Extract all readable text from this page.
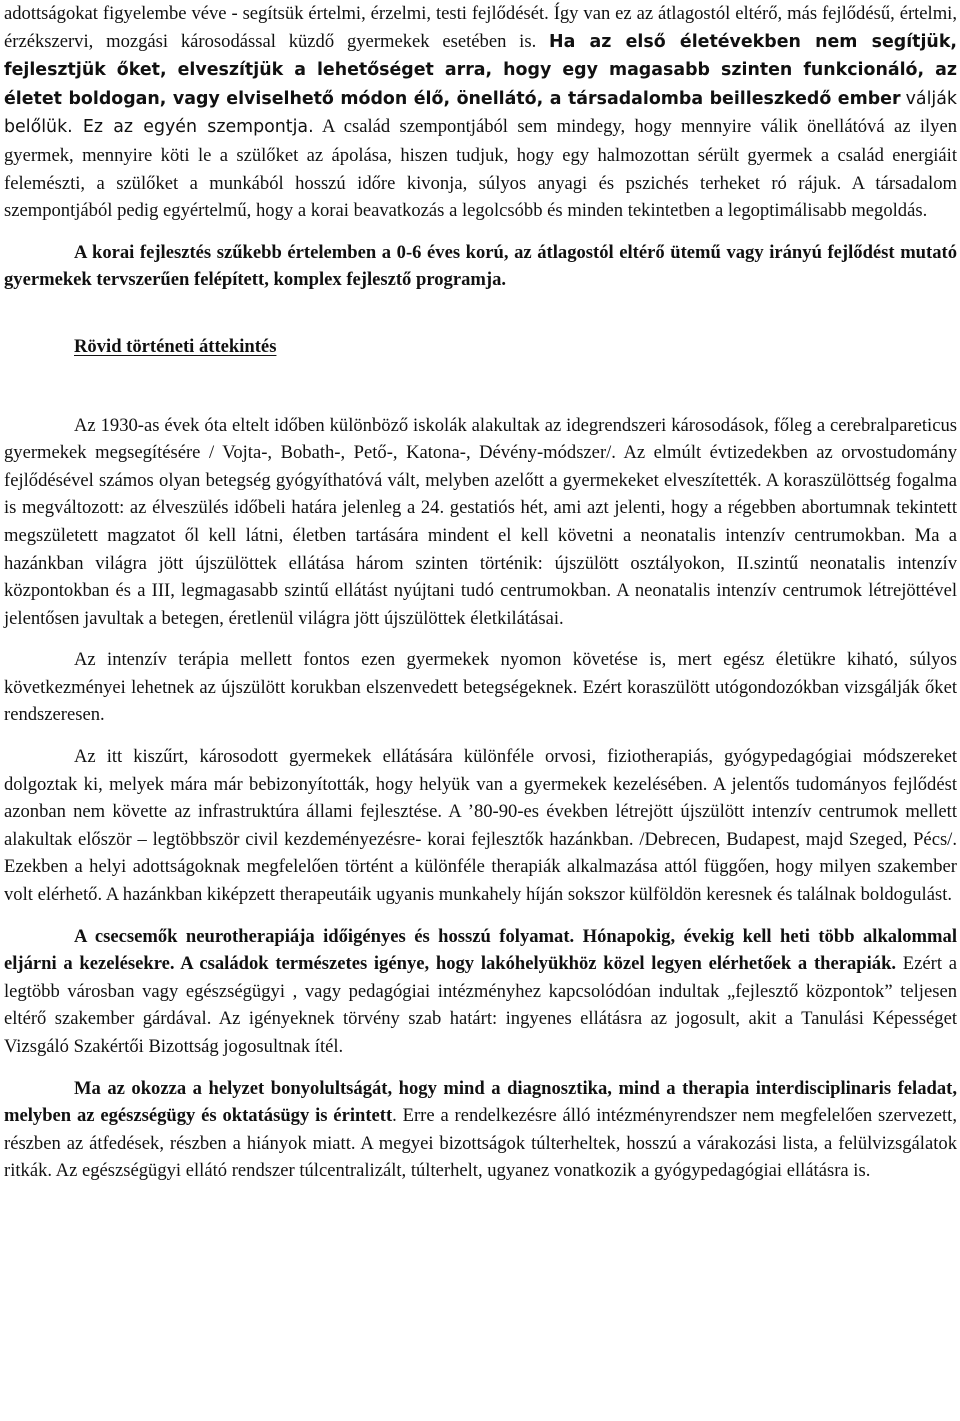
adottságokat figyelembe véve - segítsük értelmi, érzelmi, testi fejlődését. Így van ez az átlagostól eltérő, más fejlődésű, értelmi, érzékszervi, mozgási károsodással küzdő gyermekek esetében is. Ha az első életévekben nem segítjük, fejlesztjük őket, elveszítjük a lehetőséget arra, hogy egy magasabb szinten funkcionáló, az életet boldogan, vagy elviselhető módon élő, önellátó, a társadalomba beilleszkedő ember válják belőlük. Ez az egyén szempontja. A család szempontjából sem mindegy, hogy mennyire válik önellátóvá az ilyen gyermek, mennyire köti le a szülőket az ápolása, hiszen tudjuk, hogy egy halmozottan sérült gyermek a család energiáit felemészti, a szülőket a munkából hosszú időre kivonja, súlyos anyagi és pszichés terheket ró rájuk. A társadalom szempontjából pedig egyértelmű, hogy a korai beavatkozás a legolcsóbb és minden tekintetben a legoptimálisabb megoldás.

A korai fejlesztés szűkebb értelemben a 0-6 éves korú, az átlagostól eltérő ütemű vagy irányú fejlődést mutató gyermekek tervszerűen felépített, komplex fejlesztő programja.

Rövid történeti áttekintés

Az 1930-as évek óta eltelt időben különböző iskolák alakultak az idegrendszeri károsodások, főleg a cerebralpareticus gyermekek megsegítésére / Vojta-, Bobath-, Pető-, Katona-, Dévény-módszer/. Az elmúlt évtizedekben az orvostudomány fejlődésével számos olyan betegség gyógyíthatóvá vált, melyben azelőtt a gyermekeket elveszítették. A koraszülöttség fogalma is megváltozott: az élveszülés időbeli határa jelenleg a 24. gestatiós hét, ami azt jelenti, hogy a régebben abortumnak tekintett megszületett magzatot ől kell látni, életben tartására mindent el kell követni a neonatalis intenzív centrumokban. Ma a hazánkban világra jött újszülöttek ellátása három szinten történik: újszülött osztályokon, II.szintű neonatalis intenzív központokban és a III, legmagasabb szintű ellátást nyújtani tudó centrumokban. A neonatalis intenzív centrumok létrejöttével jelentősen javultak a betegen, éretlenül világra jött újszülöttek életkilátásai.

Az intenzív terápia mellett fontos ezen gyermekek nyomon követése is, mert egész életükre kiható, súlyos következményei lehetnek az újszülött korukban elszenvedett betegségeknek. Ezért koraszülött utógondozókban vizsgálják őket rendszeresen.

Az itt kiszűrt, károsodott gyermekek ellátására különféle orvosi, fiziotherapiás, gyógypedagógiai módszereket dolgoztak ki, melyek mára már bebizonyították, hogy helyük van a gyermekek kezelésében. A jelentős tudományos fejlődést azonban nem követte az infrastruktúra állami fejlesztése. A ’80-90-es években létrejött újszülött intenzív centrumok mellett alakultak először – legtöbbször civil kezdeményezésre- korai fejlesztők hazánkban. /Debrecen, Budapest, majd Szeged, Pécs/. Ezekben a helyi adottságoknak megfelelően történt a különféle therapiák alkalmazása attól függően, hogy milyen szakember volt elérhető. A hazánkban kiképzett therapeutáik ugyanis munkahely híján sokszor külföldön keresnek és találnak boldogulást.

A csecsemők neurotherapiája időigényes és hosszú folyamat. Hónapokig, évekig kell heti több alkalommal eljárni a kezelésekre. A családok természetes igénye, hogy lakóhelyükhöz közel legyen elérhetőek a therapiák. Ezért a legtöbb városban vagy egészségügyi , vagy pedagógiai intézményhez kapcsolódóan indultak „fejlesztő központok” teljesen eltérő szakember gárdával. Az igényeknek törvény szab határt: ingyenes ellátásra az jogosult, akit a Tanulási Képességet Vizsgáló Szakértői Bizottság jogosultnak ítél.

Ma az okozza a helyzet bonyolultságát, hogy mind a diagnosztika, mind a therapia interdisciplinaris feladat, melyben az egészségügy és oktatásügy is érintett. Erre a rendelkezésre álló intézményrendszer nem megfelelően szervezett, részben az átfedések, részben a hiányok miatt. A megyei bizottságok túlterheltek, hosszú a várakozási lista, a felülvizsgálatok ritkák. Az egészségügyi ellátó rendszer túlcentralizált, túlterhelt, ugyanez vonatkozik a gyógypedagógiai ellátásra is.
